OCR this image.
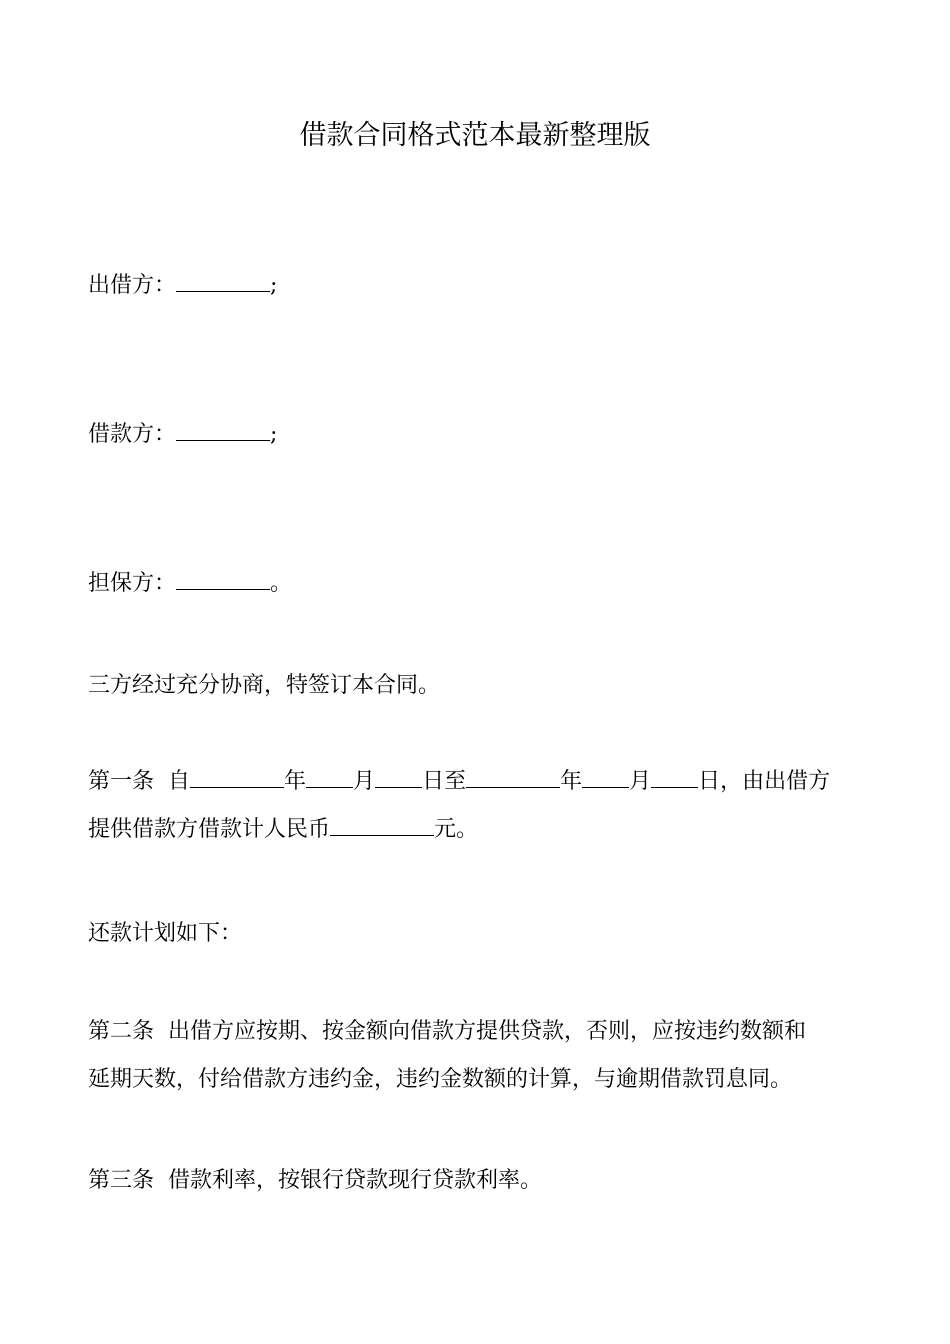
借款合同格式范本最新整理版
出借方：	;
借款方：	;
担保方：	。
三方经过充分协商，特签订本合同。
第一条 自	年 月 日至	年 月 日，由出借方
提供借款方借款计人民币	元。
还款计划如下：
第二条 出借方应按期、按金额向借款方提供贷款，否则，应按违约数额和
延期天数，付给借款方违约金，违约金数额的计算，与逾期借款罚息同。
第三条 借款利率，按银行贷款现行贷款利率。
